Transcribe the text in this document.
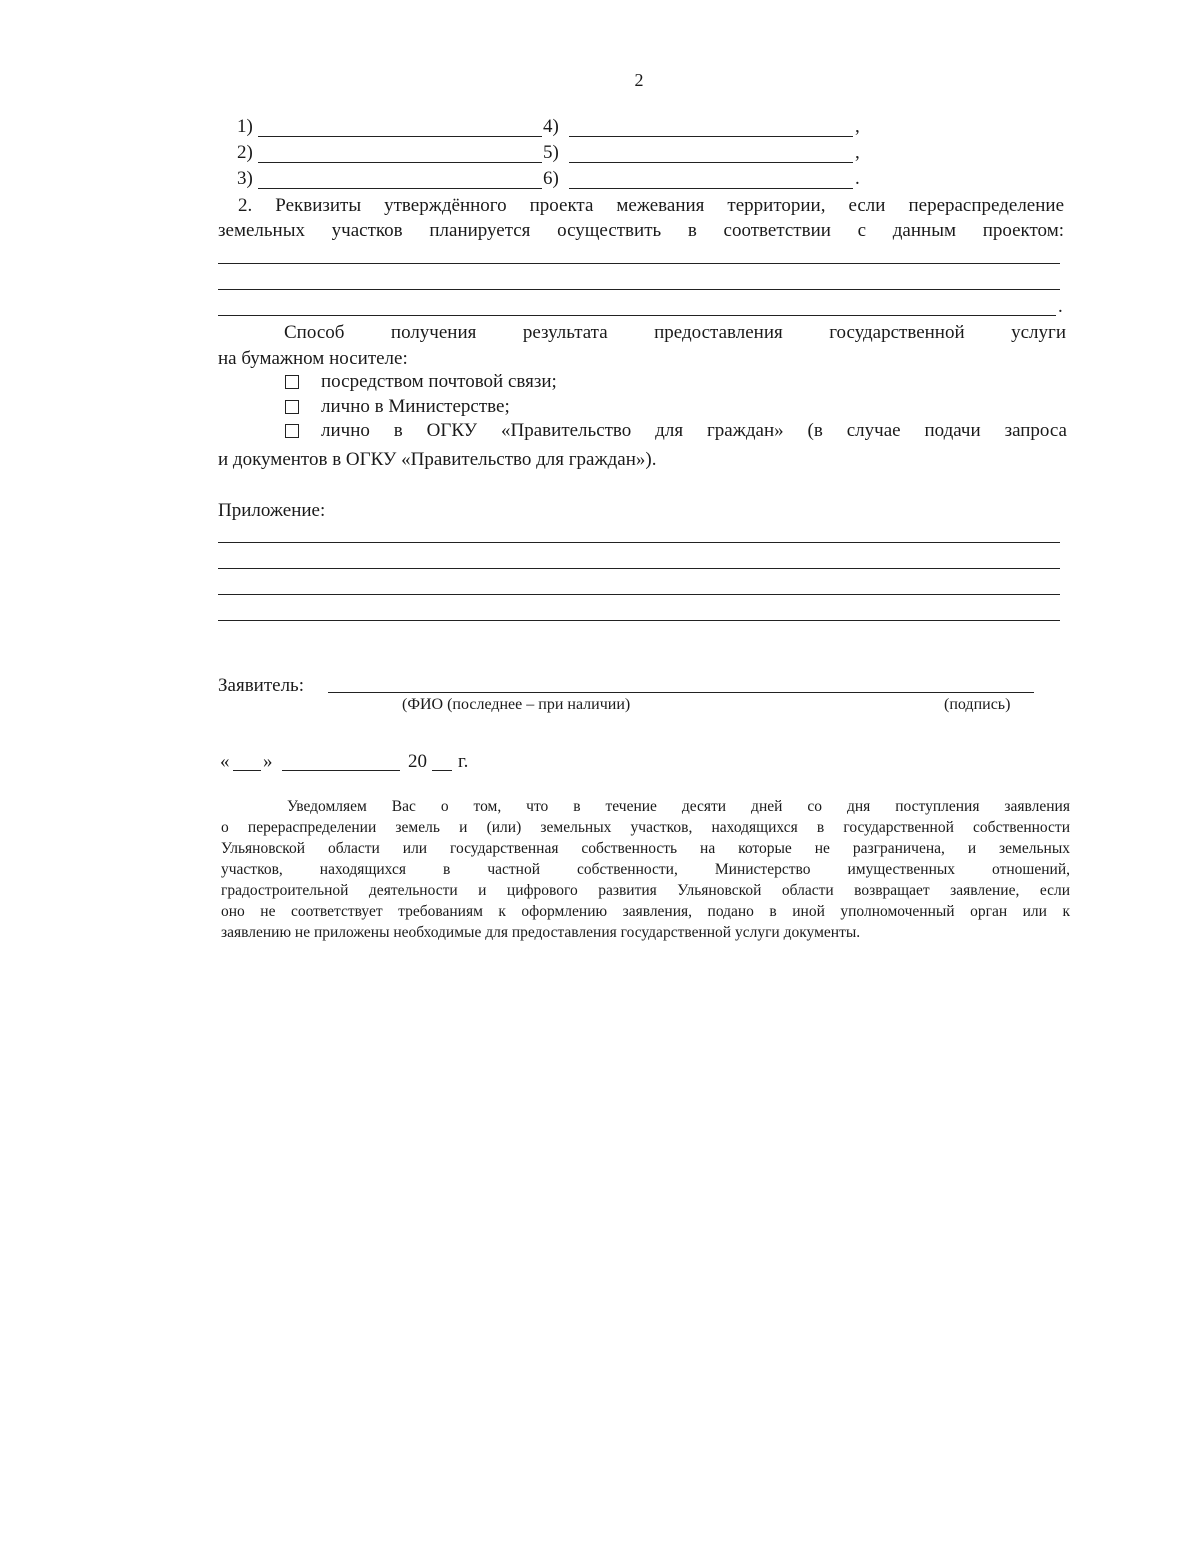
2
1)	4)	,
2)	5)	,
3)	6)	.
2. Реквизиты утверждённого проекта межевания территории, если перераспределение
земельных участков планируется осуществить в соответствии с данным проектом:
.
Способ получения результата предоставления государственной услуги
на бумажном носителе:
посредством почтовой связи;
лично в Министерстве;
лично в ОГКУ «Правительство для граждан» (в случае подачи запроса
и документов в ОГКУ «Правительство для граждан»).
Приложение:
Заявитель:
(ФИО (последнее – при наличии)	(подпись)
« »	20 г.
Уведомляем Вас о том, что в течение десяти дней со дня поступления заявления
о перераспределении земель и (или) земельных участков, находящихся в государственной собственности
Ульяновской области или государственная собственность на которые не разграничена, и земельных
участков, находящихся в частной собственности, Министерство имущественных отношений,
градостроительной деятельности и цифрового развития Ульяновской области возвращает заявление, если
оно не соответствует требованиям к оформлению заявления, подано в иной уполномоченный орган или к
заявлению не приложены необходимые для предоставления государственной услуги документы.
